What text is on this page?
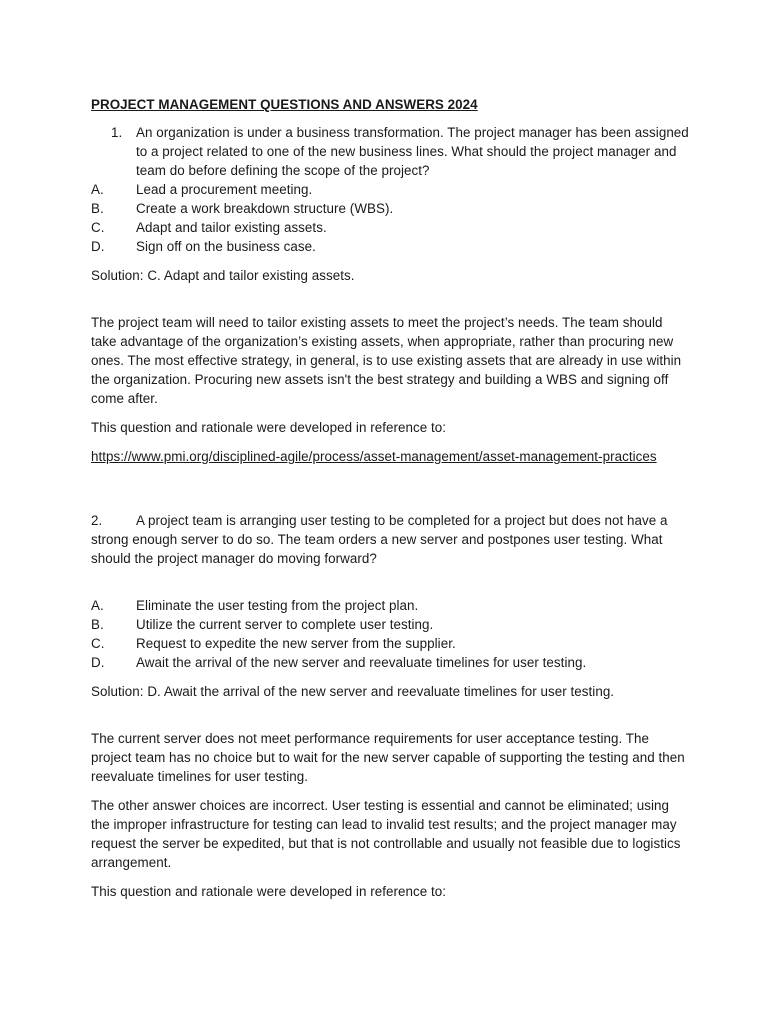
PROJECT MANAGEMENT QUESTIONS AND ANSWERS 2024
1.	An organization is under a business transformation. The project manager has been assigned to a project related to one of the new business lines. What should the project manager and team do before defining the scope of the project?
A.	Lead a procurement meeting.
B.	Create a work breakdown structure (WBS).
C.	Adapt and tailor existing assets.
D.	Sign off on the business case.

Solution: C. Adapt and tailor existing assets.

The project team will need to tailor existing assets to meet the project’s needs. The team should take advantage of the organization’s existing assets, when appropriate, rather than procuring new ones. The most effective strategy, in general, is to use existing assets that are already in use within the organization. Procuring new assets isn't the best strategy and building a WBS and signing off come after.

This question and rationale were developed in reference to:

https://www.pmi.org/disciplined-agile/process/asset-management/asset-management-practices

2.	A project team is arranging user testing to be completed for a project but does not have a strong enough server to do so. The team orders a new server and postpones user testing. What should the project manager do moving forward?

A.	Eliminate the user testing from the project plan.
B.	Utilize the current server to complete user testing.
C.	Request to expedite the new server from the supplier.
D.	Await the arrival of the new server and reevaluate timelines for user testing.

Solution: D. Await the arrival of the new server and reevaluate timelines for user testing.

The current server does not meet performance requirements for user acceptance testing. The project team has no choice but to wait for the new server capable of supporting the testing and then reevaluate timelines for user testing.

The other answer choices are incorrect. User testing is essential and cannot be eliminated; using the improper infrastructure for testing can lead to invalid test results; and the project manager may request the server be expedited, but that is not controllable and usually not feasible due to logistics arrangement.

This question and rationale were developed in reference to:
